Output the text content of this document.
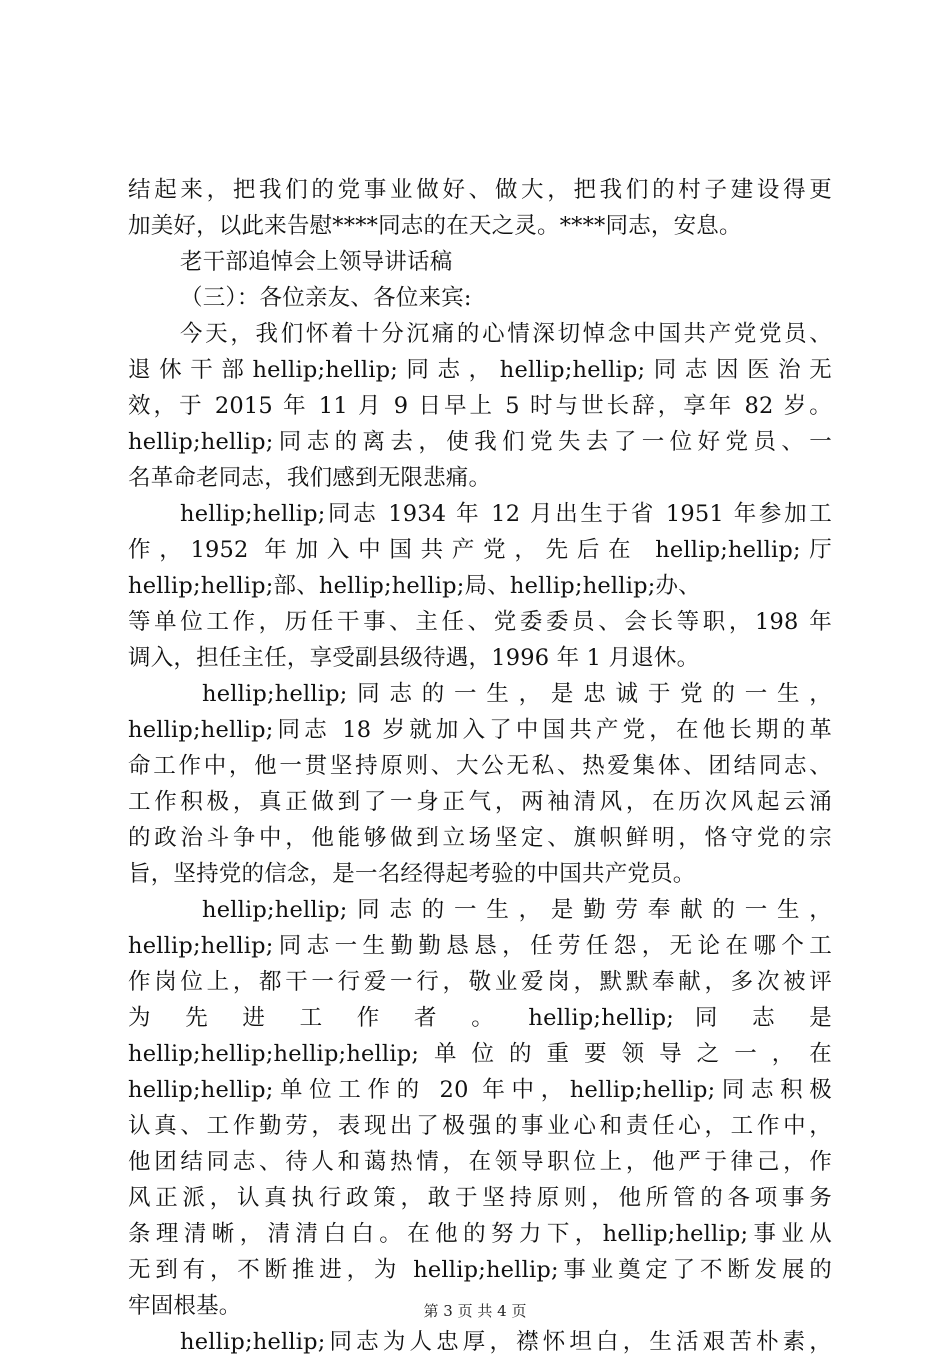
结起来，把我们的党事业做好、做大，把我们的村子建设得更
加美好，以此来告慰****同志的在天之灵。****同志，安息。
老干部追悼会上领导讲话稿
（三）：各位亲友、各位来宾:
今天，我们怀着十分沉痛的心情深切悼念中国共产党党员、
退休干部hellip;hellip;同志，hellip;hellip;同志因医治无
效，于 2015 年 11 月 9 日早上 5 时与世长辞，享年 82 岁。
hellip;hellip;同志的离去，使我们党失去了一位好党员、一
名革命老同志，我们感到无限悲痛。
hellip;hellip;同志 1934 年 12 月出生于省 1951 年参加工
作，1952 年加入中国共产党，先后在 hellip;hellip;厅
hellip;hellip;部、hellip;hellip;局、hellip;hellip;办、
等单位工作，历任干事、主任、党委委员、会长等职，198 年
调入，担任主任，享受副县级待遇，1996 年 1 月退休。
hellip;hellip;同志的一生，是忠诚于党的一生，
hellip;hellip;同志 18 岁就加入了中国共产党，在他长期的革
命工作中，他一贯坚持原则、大公无私、热爱集体、团结同志、
工作积极，真正做到了一身正气，两袖清风，在历次风起云涌
的政治斗争中，他能够做到立场坚定、旗帜鲜明，恪守党的宗
旨，坚持党的信念，是一名经得起考验的中国共产党员。
hellip;hellip;同志的一生，是勤劳奉献的一生，
hellip;hellip;同志一生勤勤恳恳，任劳任怨，无论在哪个工
作岗位上，都干一行爱一行，敬业爱岗，默默奉献，多次被评
为 先 进 工 作 者 。 hellip;hellip; 同 志 是
hellip;hellip;hellip;hellip;单位的重要领导之一，在
hellip;hellip;单位工作的 20 年中，hellip;hellip;同志积极
认真、工作勤劳，表现出了极强的事业心和责任心，工作中，
他团结同志、待人和蔼热情，在领导职位上，他严于律己，作
风正派，认真执行政策，敢于坚持原则，他所管的各项事务
条理清晰，清清白白。在他的努力下，hellip;hellip;事业从
无到有，不断推进，为 hellip;hellip;事业奠定了不断发展的
牢固根基。
hellip;hellip;同志为人忠厚，襟怀坦白，生活艰苦朴素，
第 3 页 共 4 页
